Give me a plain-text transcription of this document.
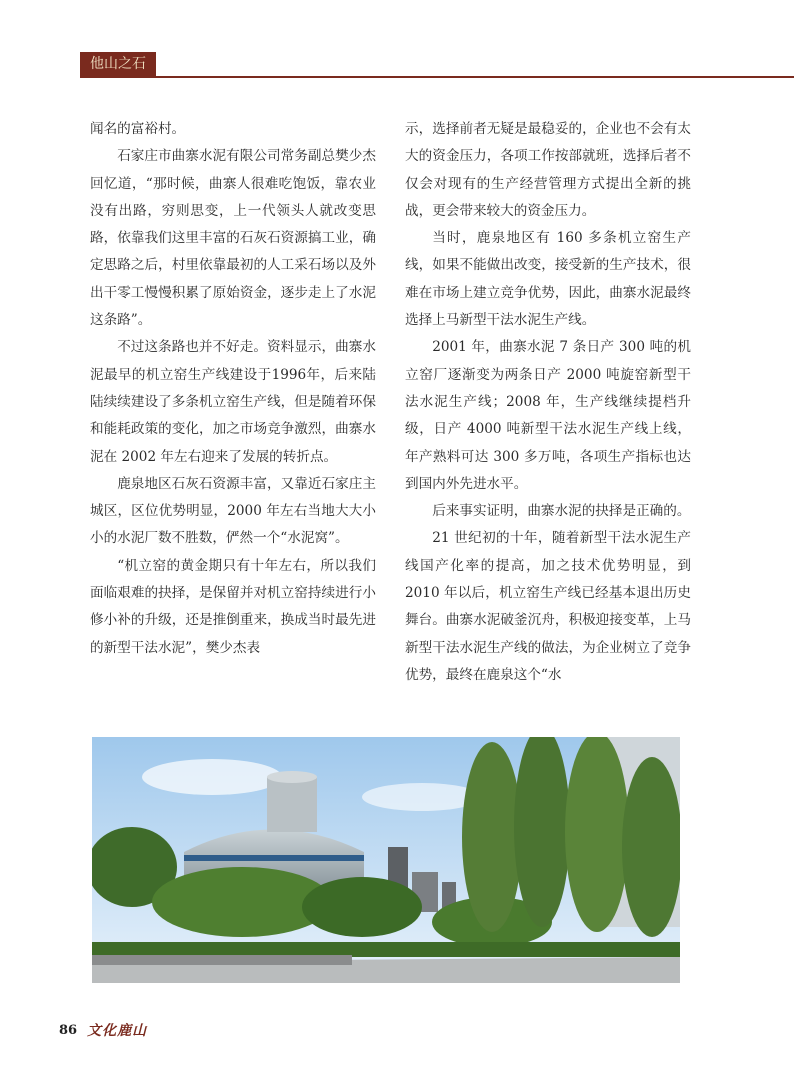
他山之石

闻名的富裕村。

石家庄市曲寨水泥有限公司常务副总樊少杰回忆道，“那时候，曲寨人很难吃饱饭，靠农业没有出路，穷则思变，上一代领头人就改变思路，依靠我们这里丰富的石灰石资源搞工业，确定思路之后，村里依靠最初的人工采石场以及外出干零工慢慢积累了原始资金，逐步走上了水泥这条路”。

不过这条路也并不好走。资料显示，曲寨水泥最早的机立窑生产线建设于1996年，后来陆陆续续建设了多条机立窑生产线，但是随着环保和能耗政策的变化，加之市场竞争激烈，曲寨水泥在 2002 年左右迎来了发展的转折点。

鹿泉地区石灰石资源丰富，又靠近石家庄主城区，区位优势明显，2000 年左右当地大大小小的水泥厂数不胜数，俨然一个“水泥窝”。

“机立窑的黄金期只有十年左右，所以我们面临艰难的抉择，是保留并对机立窑持续进行小修小补的升级，还是推倒重来，换成当时最先进的新型干法水泥”，樊少杰表

示，选择前者无疑是最稳妥的，企业也不会有太大的资金压力，各项工作按部就班，选择后者不仅会对现有的生产经营管理方式提出全新的挑战，更会带来较大的资金压力。

当时，鹿泉地区有 160 多条机立窑生产线，如果不能做出改变，接受新的生产技术，很难在市场上建立竞争优势，因此，曲寨水泥最终选择上马新型干法水泥生产线。

2001 年，曲寨水泥 7 条日产 300 吨的机立窑厂逐渐变为两条日产 2000 吨旋窑新型干法水泥生产线；2008 年，生产线继续提档升级，日产 4000 吨新型干法水泥生产线上线，年产熟料可达 300 多万吨，各项生产指标也达到国内外先进水平。

后来事实证明，曲寨水泥的抉择是正确的。

21 世纪初的十年，随着新型干法水泥生产线国产化率的提高，加之技术优势明显，到 2010 年以后，机立窑生产线已经基本退出历史舞台。曲寨水泥破釜沉舟，积极迎接变革，上马新型干法水泥生产线的做法，为企业树立了竞争优势，最终在鹿泉这个“水

86 文化鹿山
